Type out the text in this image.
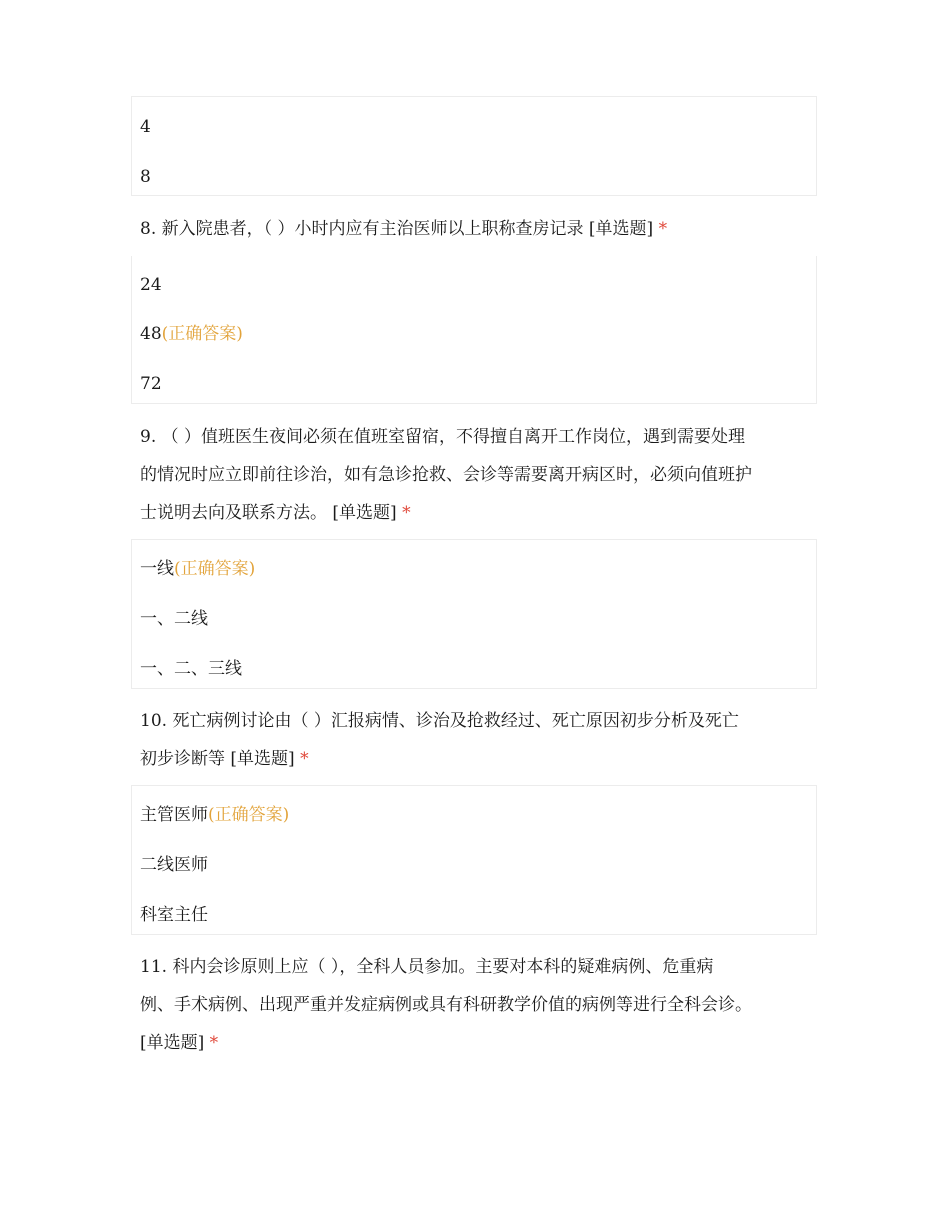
4
8
8. 新入院患者，（ ）小时内应有主治医师以上职称查房记录 [单选题] *
24
48(正确答案)
72
9. （ ）值班医生夜间必须在值班室留宿，不得擅自离开工作岗位，遇到需要处理
的情况时应立即前往诊治，如有急诊抢救、会诊等需要离开病区时，必须向值班护
士说明去向及联系方法。 [单选题] *
一线(正确答案)
一、二线
一、二、三线
10. 死亡病例讨论由（ ）汇报病情、诊治及抢救经过、死亡原因初步分析及死亡
初步诊断等 [单选题] *
主管医师(正确答案)
二线医师
科室主任
11. 科内会诊原则上应（ ），全科人员参加。主要对本科的疑难病例、危重病
例、手术病例、出现严重并发症病例或具有科研教学价值的病例等进行全科会诊。
[单选题] *
